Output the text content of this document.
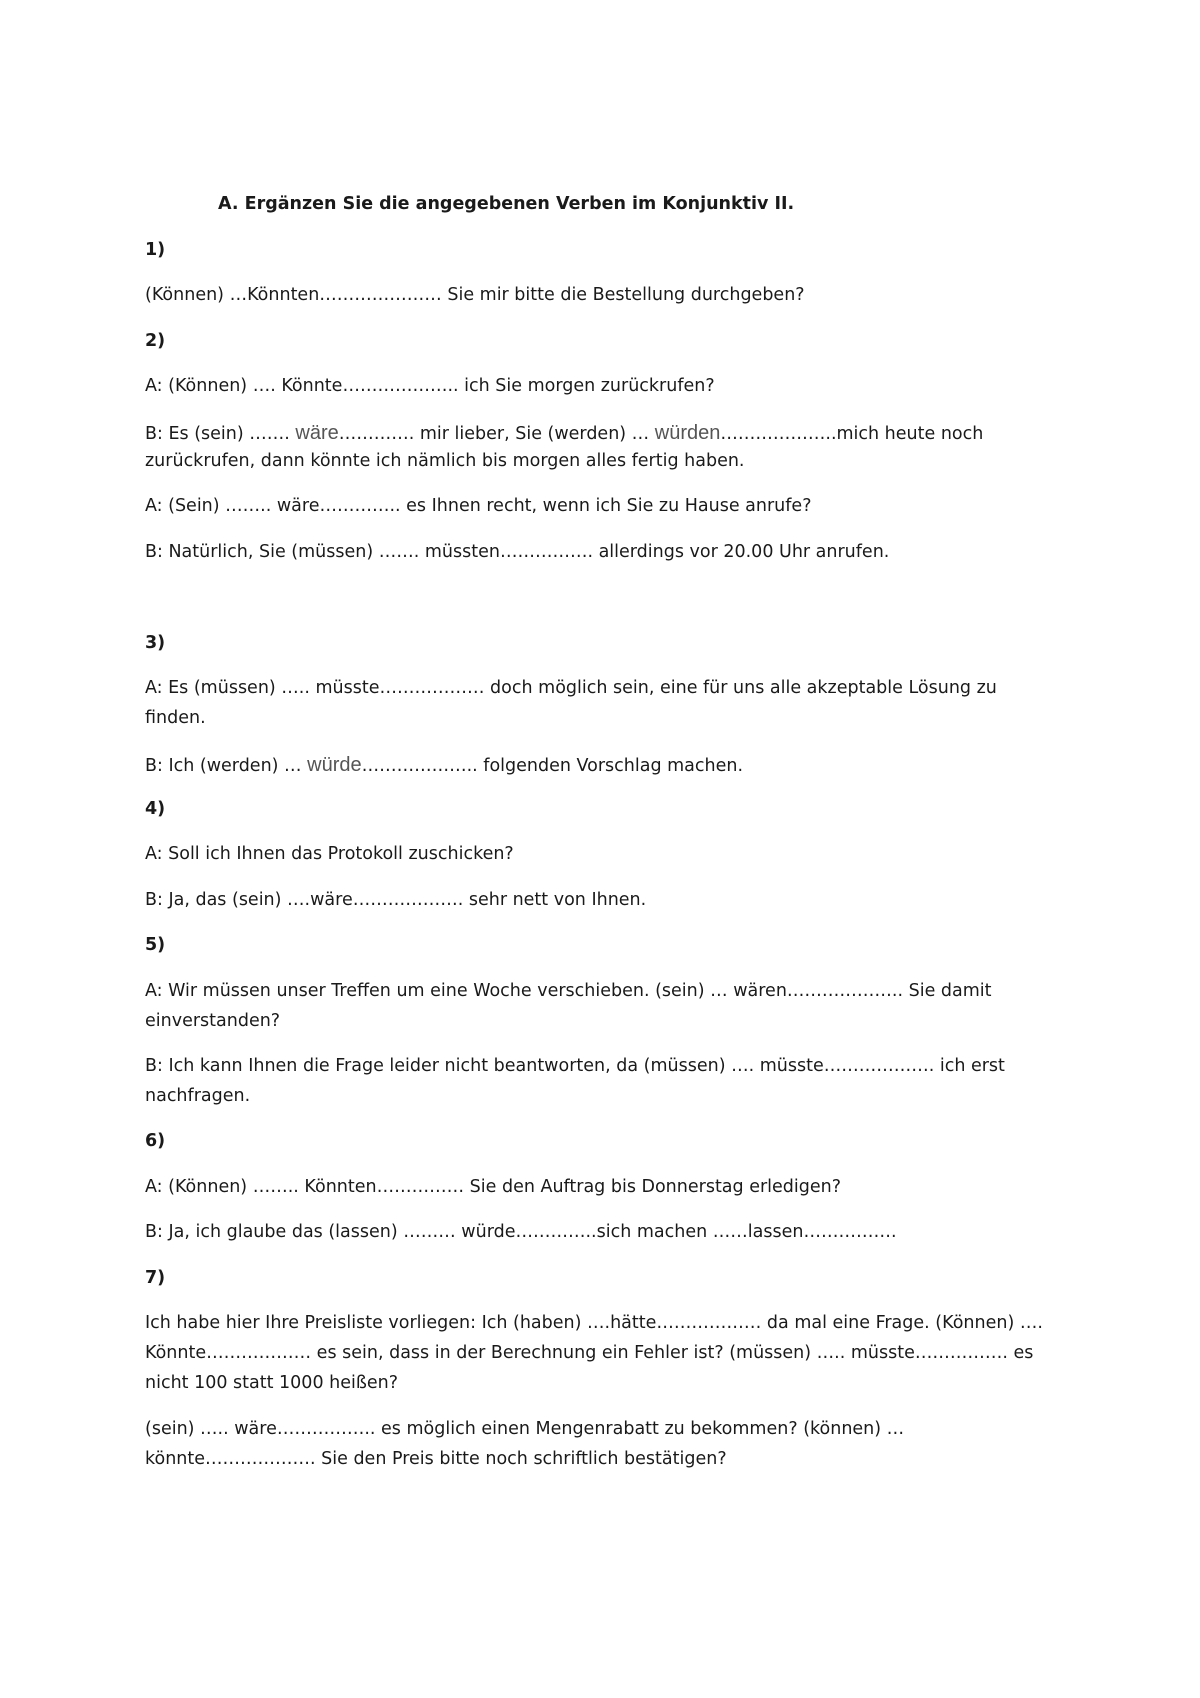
A. Ergänzen Sie die angegebenen Verben im Konjunktiv II.
1)
(Können) …Könnten………………… Sie mir bitte die Bestellung durchgeben?
2)
A: (Können) …. Könnte……………….. ich Sie morgen zurückrufen?
B: Es (sein) ……. wäre…………. mir lieber, Sie (werden) … würden………………..mich heute noch
zurückrufen, dann könnte ich nämlich bis morgen alles fertig haben.
A: (Sein) …….. wäre………….. es Ihnen recht, wenn ich Sie zu Hause anrufe?
B: Natürlich, Sie (müssen) ……. müssten……………. allerdings vor 20.00 Uhr anrufen.
3)
A: Es (müssen) ….. müsste……………… doch möglich sein, eine für uns alle akzeptable Lösung zu
finden.
B: Ich (werden) … würde……………….. folgenden Vorschlag machen.
4)
A: Soll ich Ihnen das Protokoll zuschicken?
B: Ja, das (sein) ….wäre………………. sehr nett von Ihnen.
5)
A: Wir müssen unser Treffen um eine Woche verschieben. (sein) … wären……………….. Sie damit
einverstanden?
B: Ich kann Ihnen die Frage leider nicht beantworten, da (müssen) …. müsste………………. ich erst
nachfragen.
6)
A: (Können) …….. Könnten…………… Sie den Auftrag bis Donnerstag erledigen?
B: Ja, ich glaube das (lassen) ……… würde…………..sich machen ……lassen…………….
7)
Ich habe hier Ihre Preisliste vorliegen: Ich (haben) ….hätte……………… da mal eine Frage. (Können) ….
Könnte……………… es sein, dass in der Berechnung ein Fehler ist? (müssen) ….. müsste……………. es
nicht 100 statt 1000 heißen?
(sein) ….. wäre…………….. es möglich einen Mengenrabatt zu bekommen? (können) …
könnte………………. Sie den Preis bitte noch schriftlich bestätigen?
